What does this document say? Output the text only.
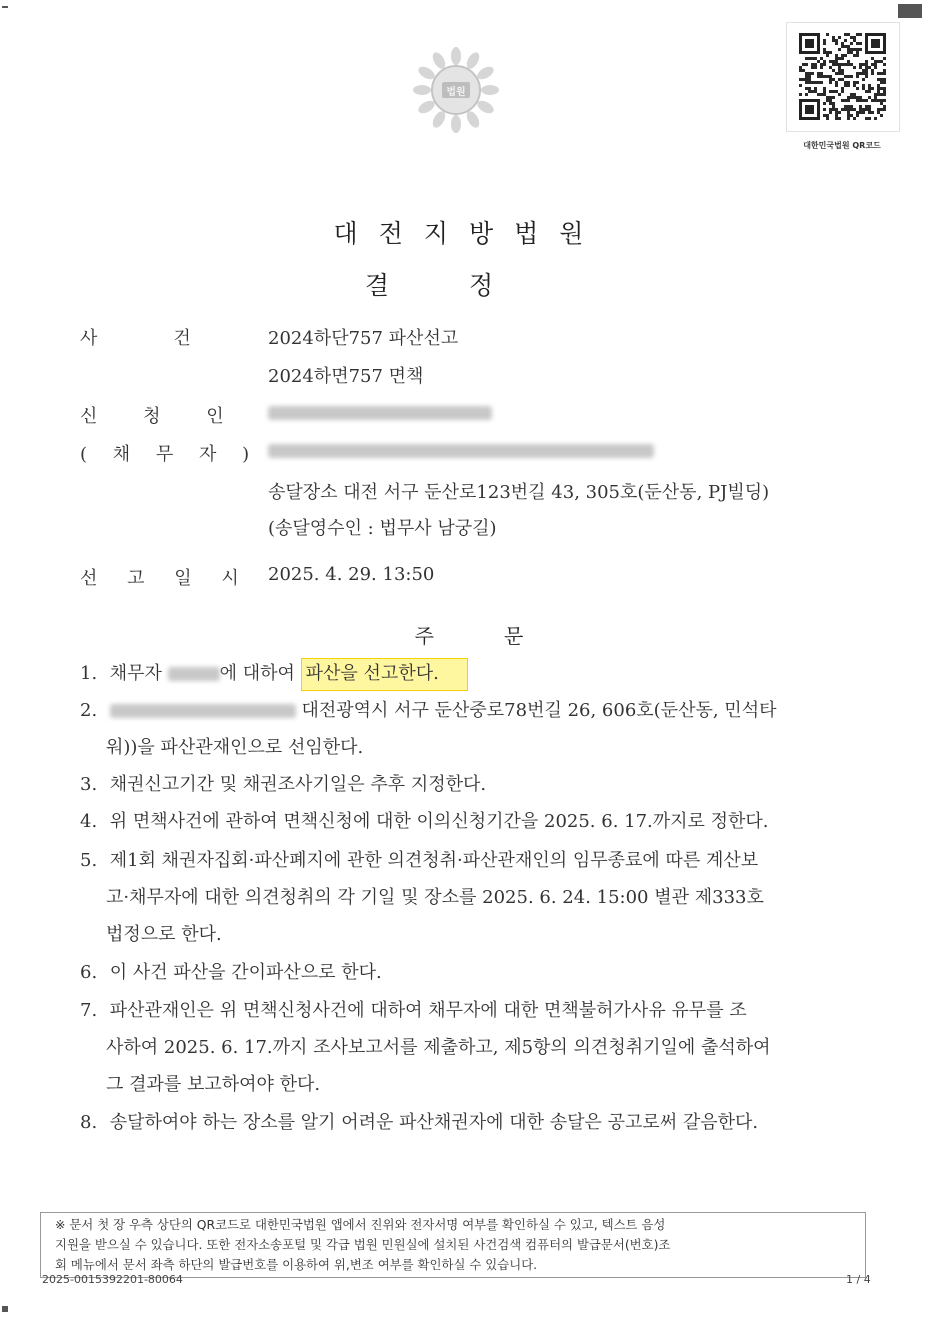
법원
대한민국법원 QR코드
대전지방법원
결정
사건 2024하단757 파산선고
2024하면757 면책
신 청 인
( 채 무 자 )
송달장소 대전 서구 둔산로123번길 43, 305호(둔산동, PJ빌딩)
(송달영수인 : 법무사 남궁길)
선 고 일 시 2025. 4. 29. 13:50
주문
1. 채무자	에 대하여 파산을 선고한다.
2.	대전광역시 서구 둔산중로78번길 26, 606호(둔산동, 민석타
워))을 파산관재인으로 선임한다.
3. 채권신고기간 및 채권조사기일은 추후 지정한다.
4. 위 면책사건에 관하여 면책신청에 대한 이의신청기간을 2025. 6. 17.까지로 정한다.
5. 제1회 채권자집회·파산폐지에 관한 의견청취·파산관재인의 임무종료에 따른 계산보
고·채무자에 대한 의견청취의 각 기일 및 장소를 2025. 6. 24. 15:00 별관 제333호
법정으로 한다.
6. 이 사건 파산을 간이파산으로 한다.
7. 파산관재인은 위 면책신청사건에 대하여 채무자에 대한 면책불허가사유 유무를 조
사하여 2025. 6. 17.까지 조사보고서를 제출하고, 제5항의 의견청취기일에 출석하여
그 결과를 보고하여야 한다.
8. 송달하여야 하는 장소를 알기 어려운 파산채권자에 대한 송달은 공고로써 갈음한다.
※ 문서 첫 장 우측 상단의 QR코드로 대한민국법원 앱에서 진위와 전자서명 여부를 확인하실 수 있고, 텍스트 음성
지원을 받으실 수 있습니다. 또한 전자소송포털 및 각급 법원 민원실에 설치된 사건검색 컴퓨터의 발급문서(번호)조
회 메뉴에서 문서 좌측 하단의 발급번호를 이용하여 위,변조 여부를 확인하실 수 있습니다.
2025-0015392201-80064	1 / 4
